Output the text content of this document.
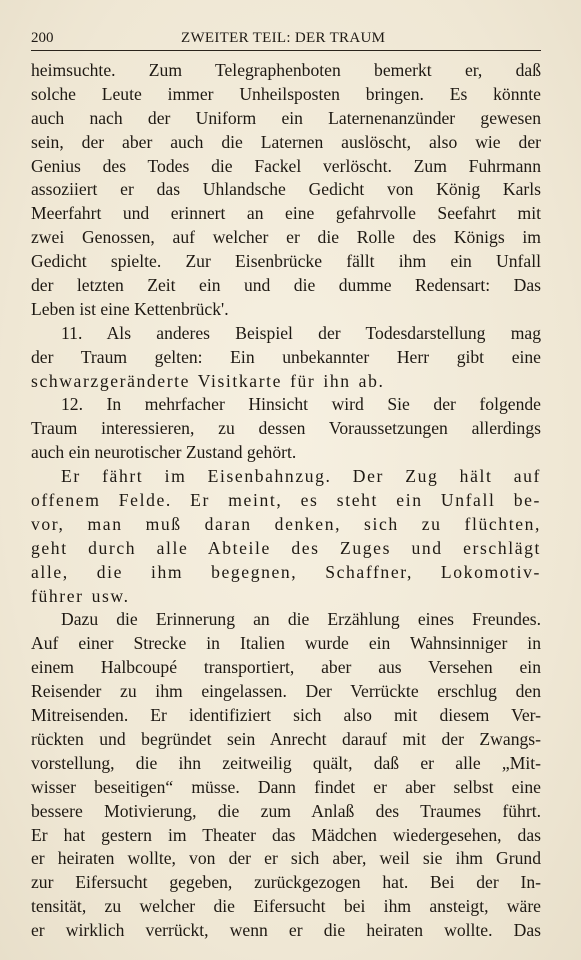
200	ZWEITER TEIL: DER TRAUM
heimsuchte. Zum Telegraphenboten bemerkt er, daß
solche Leute immer Unheilsposten bringen. Es könnte
auch nach der Uniform ein Laternenanzünder gewesen
sein, der aber auch die Laternen auslöscht, also wie der
Genius des Todes die Fackel verlöscht. Zum Fuhrmann
assoziiert er das Uhlandsche Gedicht von König Karls
Meerfahrt und erinnert an eine gefahrvolle Seefahrt mit
zwei Genossen, auf welcher er die Rolle des Königs im
Gedicht spielte. Zur Eisenbrücke fällt ihm ein Unfall
der letzten Zeit ein und die dumme Redensart: Das
Leben ist eine Kettenbrück'.
11. Als anderes Beispiel der Todesdarstellung mag
der Traum gelten: Ein unbekannter Herr gibt eine
schwarzgeränderte Visitkarte für ihn ab.
12. In mehrfacher Hinsicht wird Sie der folgende
Traum interessieren, zu dessen Voraussetzungen allerdings
auch ein neurotischer Zustand gehört.
Er fährt im Eisenbahnzug. Der Zug hält auf
offenem Felde. Er meint, es steht ein Unfall be-
vor, man muß daran denken, sich zu flüchten,
geht durch alle Abteile des Zuges und erschlägt
alle, die ihm begegnen, Schaffner, Lokomotiv-
führer usw.
Dazu die Erinnerung an die Erzählung eines Freundes.
Auf einer Strecke in Italien wurde ein Wahnsinniger in
einem Halbcoupé transportiert, aber aus Versehen ein
Reisender zu ihm eingelassen. Der Verrückte erschlug den
Mitreisenden. Er identifiziert sich also mit diesem Ver-
rückten und begründet sein Anrecht darauf mit der Zwangs-
vorstellung, die ihn zeitweilig quält, daß er alle „Mit-
wisser beseitigen“ müsse. Dann findet er aber selbst eine
bessere Motivierung, die zum Anlaß des Traumes führt.
Er hat gestern im Theater das Mädchen wiedergesehen, das
er heiraten wollte, von der er sich aber, weil sie ihm Grund
zur Eifersucht gegeben, zurückgezogen hat. Bei der In-
tensität, zu welcher die Eifersucht bei ihm ansteigt, wäre
er wirklich verrückt, wenn er die heiraten wollte. Das
